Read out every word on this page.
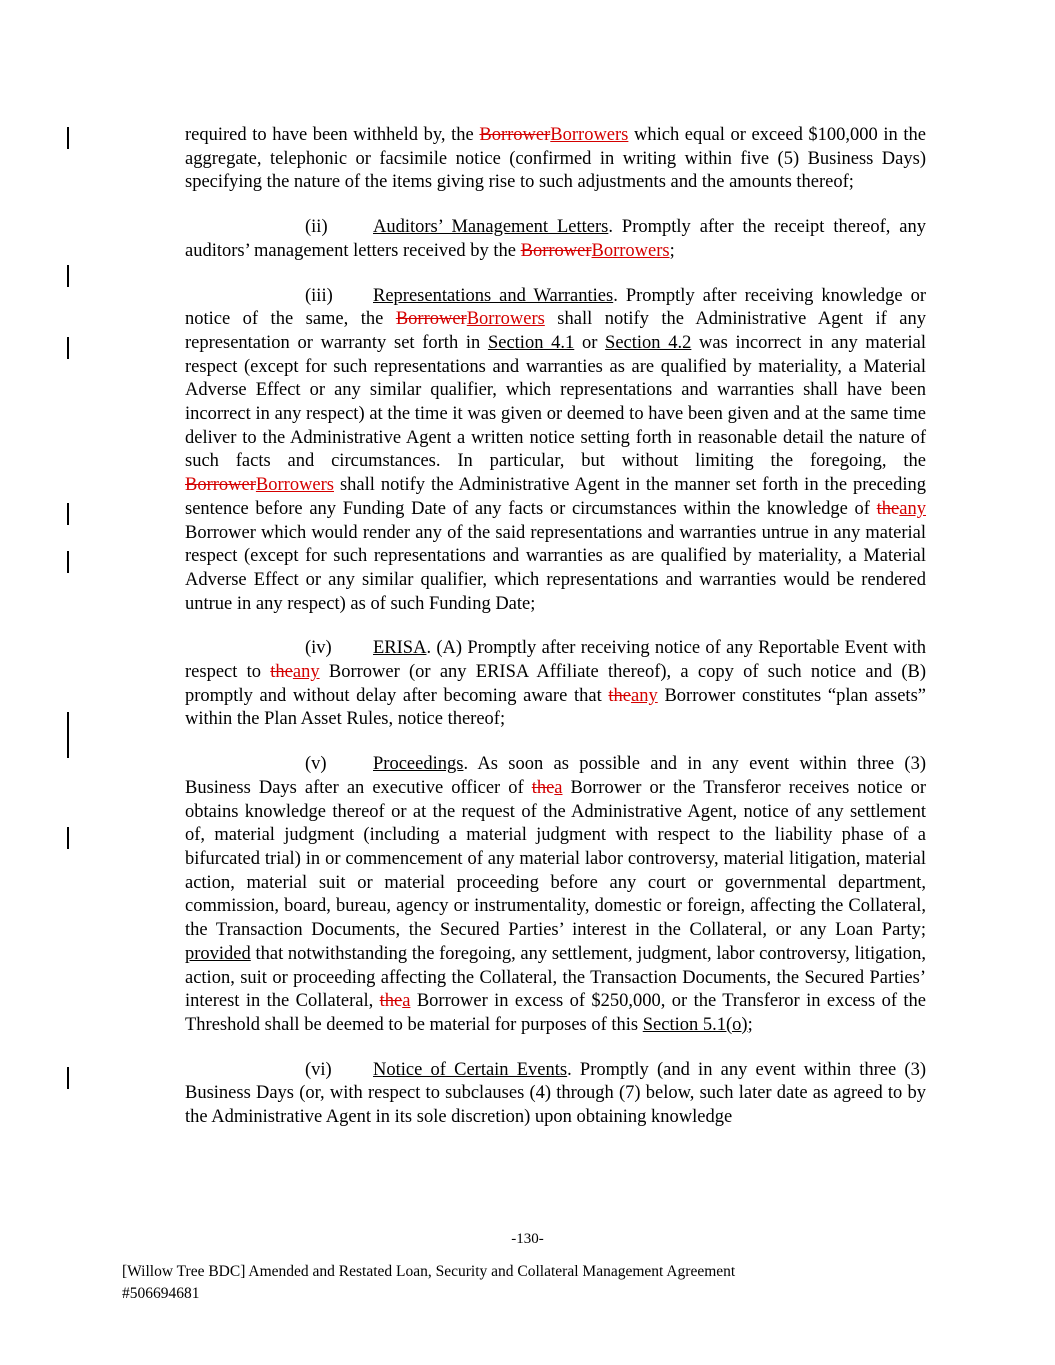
required to have been withheld by, the BorrowerBorrowers which equal or exceed $100,000 in the aggregate, telephonic or facsimile notice (confirmed in writing within five (5) Business Days) specifying the nature of the items giving rise to such adjustments and the amounts thereof;

(ii) Auditors’ Management Letters. Promptly after the receipt thereof, any auditors’ management letters received by the BorrowerBorrowers;

(iii) Representations and Warranties. Promptly after receiving knowledge or notice of the same, the BorrowerBorrowers shall notify the Administrative Agent if any representation or warranty set forth in Section 4.1 or Section 4.2 was incorrect in any material respect (except for such representations and warranties as are qualified by materiality, a Material Adverse Effect or any similar qualifier, which representations and warranties shall have been incorrect in any respect) at the time it was given or deemed to have been given and at the same time deliver to the Administrative Agent a written notice setting forth in reasonable detail the nature of such facts and circumstances. In particular, but without limiting the foregoing, the BorrowerBorrowers shall notify the Administrative Agent in the manner set forth in the preceding sentence before any Funding Date of any facts or circumstances within the knowledge of theany Borrower which would render any of the said representations and warranties untrue in any material respect (except for such representations and warranties as are qualified by materiality, a Material Adverse Effect or any similar qualifier, which representations and warranties would be rendered untrue in any respect) as of such Funding Date;

(iv) ERISA. (A) Promptly after receiving notice of any Reportable Event with respect to theany Borrower (or any ERISA Affiliate thereof), a copy of such notice and (B) promptly and without delay after becoming aware that theany Borrower constitutes “plan assets” within the Plan Asset Rules, notice thereof;

(v)	Proceedings. As soon as possible and in any event within three (3) Business Days after an executive officer of thea Borrower or the Transferor receives notice or obtains knowledge thereof or at the request of the Administrative Agent, notice of any settlement of, material judgment (including a material judgment with respect to the liability phase of a bifurcated trial) in or commencement of any material labor controversy, material litigation, material action, material suit or material proceeding before any court or governmental department, commission, board, bureau, agency or instrumentality, domestic or foreign, affecting the Collateral, the Transaction Documents, the Secured Parties’ interest in the Collateral, or any Loan Party; provided that notwithstanding the foregoing, any settlement, judgment, labor controversy, litigation, action, suit or proceeding affecting the Collateral, the Transaction Documents, the Secured Parties’ interest in the Collateral, thea Borrower in excess of $250,000, or the Transferor in excess of the Threshold shall be deemed to be material for purposes of this Section 5.1(o);

(vi) Notice of Certain Events. Promptly (and in any event within three (3) Business Days (or, with respect to subclauses (4) through (7) below, such later date as agreed to by the Administrative Agent in its sole discretion) upon obtaining knowledge

-130-
[Willow Tree BDC] Amended and Restated Loan, Security and Collateral Management Agreement
#506694681
